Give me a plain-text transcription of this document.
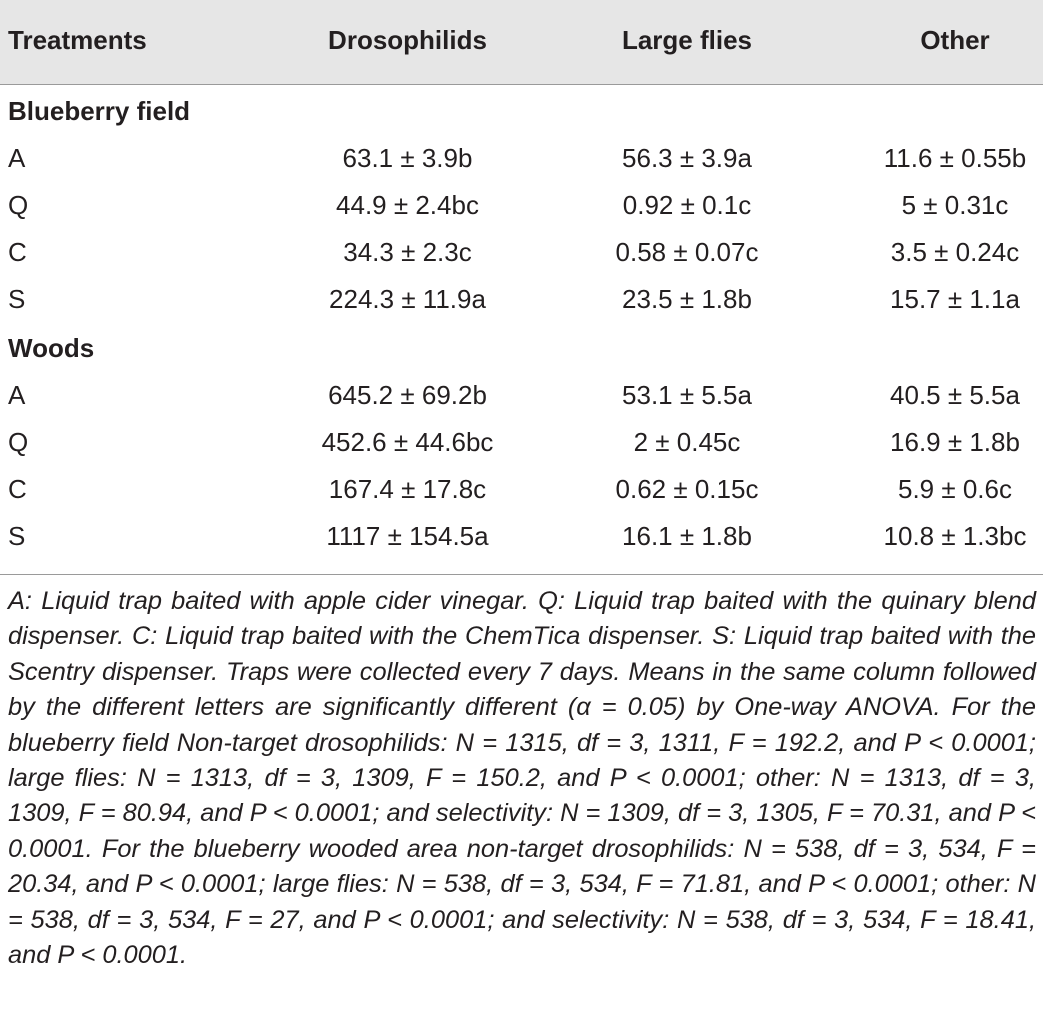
Treatments	Drosophilids	Large flies	Other
Blueberry field
A	63.1 ± 3.9b	56.3 ± 3.9a	11.6 ± 0.55b
Q	44.9 ± 2.4bc	0.92 ± 0.1c	5 ± 0.31c
C	34.3 ± 2.3c	0.58 ± 0.07c	3.5 ± 0.24c
S	224.3 ± 11.9a	23.5 ± 1.8b	15.7 ± 1.1a
Woods
A	645.2 ± 69.2b	53.1 ± 5.5a	40.5 ± 5.5a
Q	452.6 ± 44.6bc	2 ± 0.45c	16.9 ± 1.8b
C	167.4 ± 17.8c	0.62 ± 0.15c	5.9 ± 0.6c
S	1117 ± 154.5a	16.1 ± 1.8b	10.8 ± 1.3bc
A: Liquid trap baited with apple cider vinegar. Q: Liquid trap baited with the quinary blend dispenser. C: Liquid trap baited with the ChemTica dispenser. S: Liquid trap baited with the Scentry dispenser. Traps were collected every 7 days. Means in the same column followed by the different letters are significantly different (α = 0.05) by One-way ANOVA. For the blueberry field Non-target drosophilids: N = 1315, df = 3, 1311, F = 192.2, and P < 0.0001; large flies: N = 1313, df = 3, 1309, F = 150.2, and P < 0.0001; other: N = 1313, df = 3, 1309, F = 80.94, and P < 0.0001; and selectivity: N = 1309, df = 3, 1305, F = 70.31, and P < 0.0001. For the blueberry wooded area non-target drosophilids: N = 538, df = 3, 534, F = 20.34, and P < 0.0001; large flies: N = 538, df = 3, 534, F = 71.81, and P < 0.0001; other: N = 538, df = 3, 534, F = 27, and P < 0.0001; and selectivity: N = 538, df = 3, 534, F = 18.41, and P < 0.0001.
